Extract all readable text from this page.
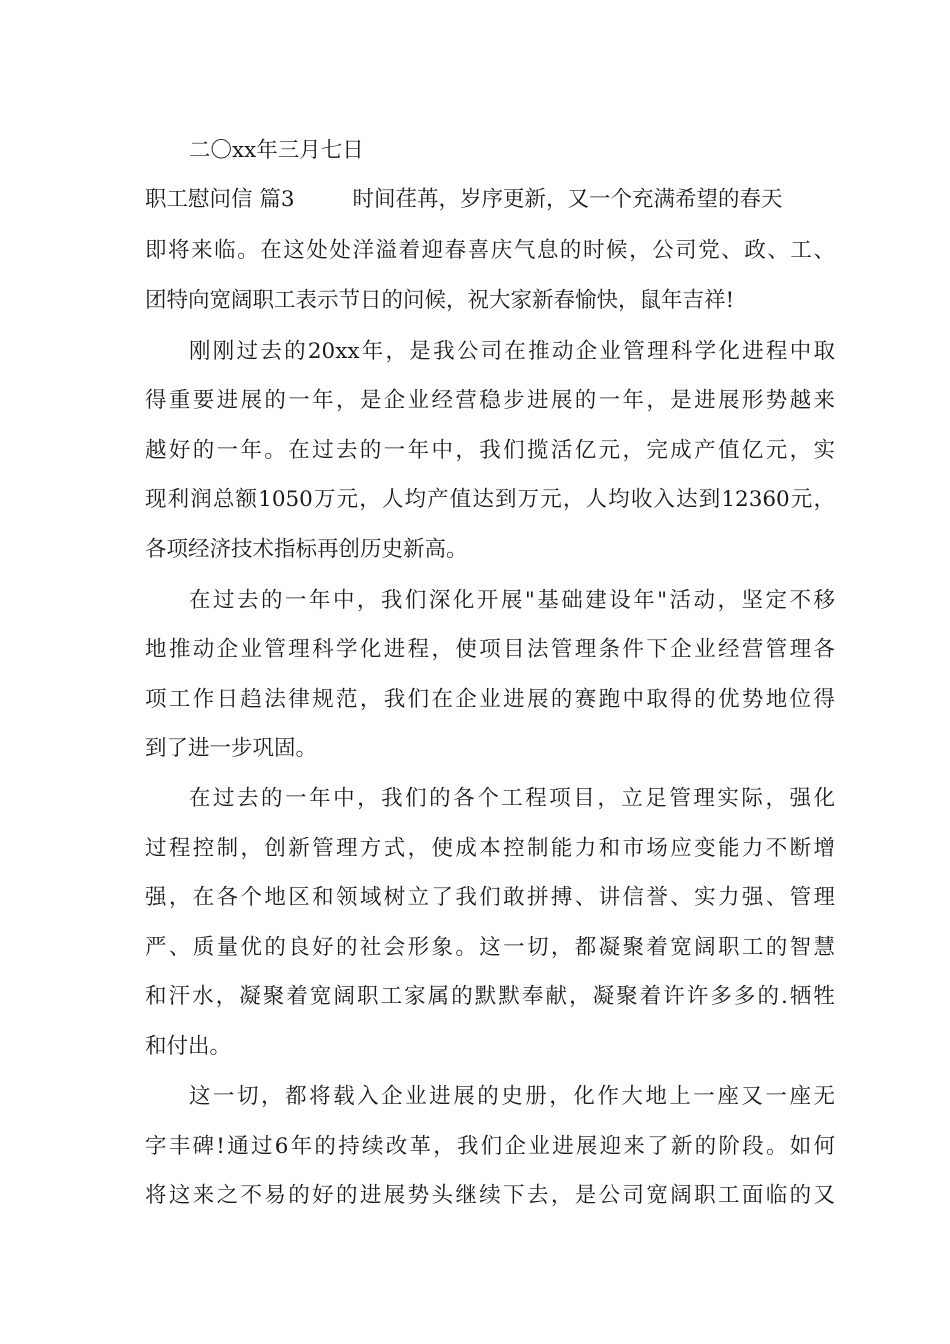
二〇xx年三月七日
职工慰问信 篇3	时间荏苒，岁序更新，又一个充满希望的春天
即将来临。在这处处洋溢着迎春喜庆气息的时候，公司党、政、工、
团特向宽阔职工表示节日的问候，祝大家新春愉快，鼠年吉祥!
刚刚过去的20xx年，是我公司在推动企业管理科学化进程中取
得重要进展的一年，是企业经营稳步进展的一年，是进展形势越来
越好的一年。在过去的一年中，我们揽活亿元，完成产值亿元，实
现利润总额1050万元，人均产值达到万元，人均收入达到12360元，
各项经济技术指标再创历史新高。
在过去的一年中，我们深化开展"基础建设年"活动，坚定不移
地推动企业管理科学化进程，使项目法管理条件下企业经营管理各
项工作日趋法律规范，我们在企业进展的赛跑中取得的优势地位得
到了进一步巩固。
在过去的一年中，我们的各个工程项目，立足管理实际，强化
过程控制，创新管理方式，使成本控制能力和市场应变能力不断增
强，在各个地区和领域树立了我们敢拼搏、讲信誉、实力强、管理
严、质量优的良好的社会形象。这一切，都凝聚着宽阔职工的智慧
和汗水，凝聚着宽阔职工家属的默默奉献，凝聚着许许多多的.牺牲
和付出。
这一切，都将载入企业进展的史册，化作大地上一座又一座无
字丰碑!通过6年的持续改革，我们企业进展迎来了新的阶段。如何
将这来之不易的好的进展势头继续下去，是公司宽阔职工面临的又
